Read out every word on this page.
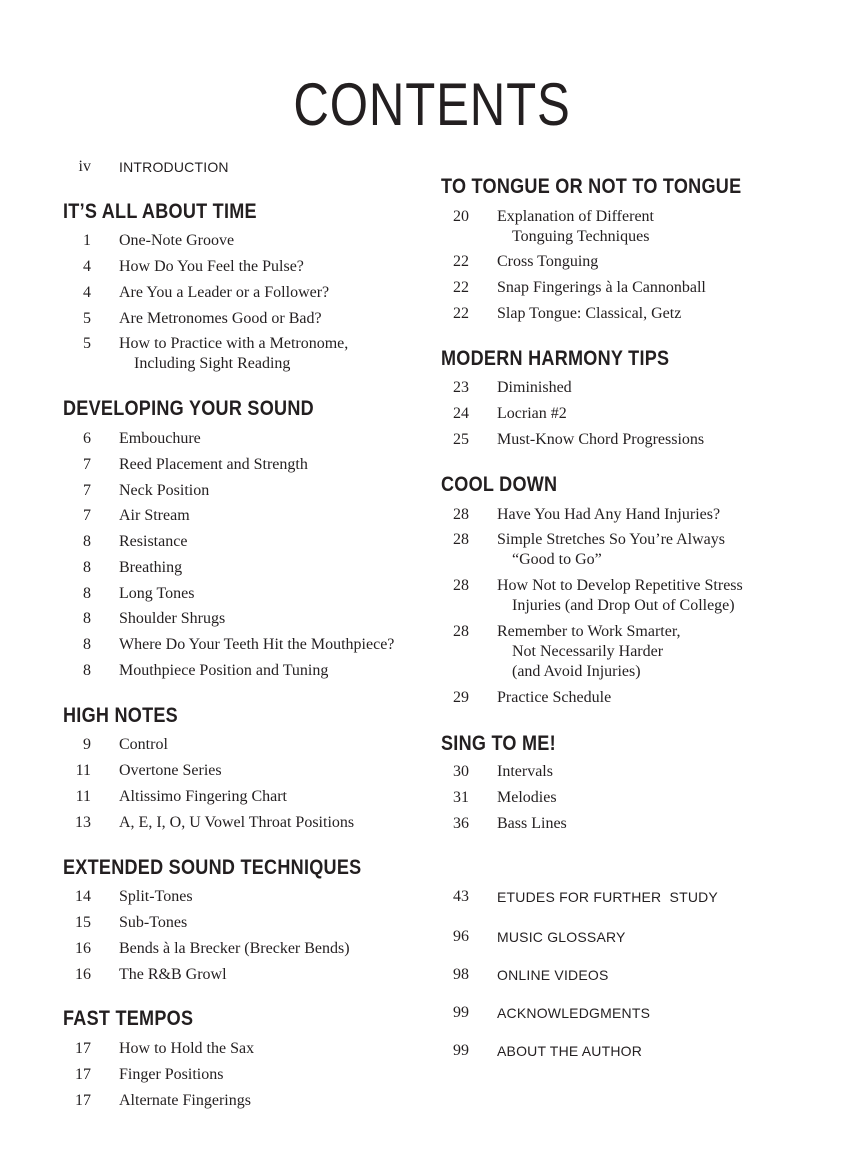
CONTENTS
iv INTRODUCTION
IT’S ALL ABOUT TIME
1 One-Note Groove
4 How Do You Feel the Pulse?
4 Are You a Leader or a Follower?
5 Are Metronomes Good or Bad?
5 How to Practice with a Metronome,
Including Sight Reading
DEVELOPING YOUR SOUND
6 Embouchure
7 Reed Placement and Strength
7 Neck Position
7 Air Stream
8 Resistance
8 Breathing
8 Long Tones
8 Shoulder Shrugs
8 Where Do Your Teeth Hit the Mouthpiece?
8 Mouthpiece Position and Tuning
HIGH NOTES
9 Control
11 Overtone Series
11 Altissimo Fingering Chart
13 A, E, I, O, U Vowel Throat Positions
EXTENDED SOUND TECHNIQUES
14 Split-Tones
15 Sub-Tones
16 Bends à la Brecker (Brecker Bends)
16 The R&B Growl
FAST TEMPOS
17 How to Hold the Sax
17 Finger Positions
17 Alternate Fingerings
TO TONGUE OR NOT TO TONGUE
20 Explanation of Different
Tonguing Techniques
22 Cross Tonguing
22 Snap Fingerings à la Cannonball
22 Slap Tongue: Classical, Getz
MODERN HARMONY TIPS
23 Diminished
24 Locrian #2
25 Must-Know Chord Progressions
COOL DOWN
28 Have You Had Any Hand Injuries?
28 Simple Stretches So You’re Always
“Good to Go”
28 How Not to Develop Repetitive Stress
Injuries (and Drop Out of College)
28 Remember to Work Smarter,
Not Necessarily Harder
(and Avoid Injuries)
29 Practice Schedule
SING TO ME!
30 Intervals
31 Melodies
36 Bass Lines
43 ETUDES FOR FURTHER  STUDY
96 MUSIC GLOSSARY
98 ONLINE VIDEOS
99 ACKNOWLEDGMENTS
99 ABOUT THE AUTHOR
